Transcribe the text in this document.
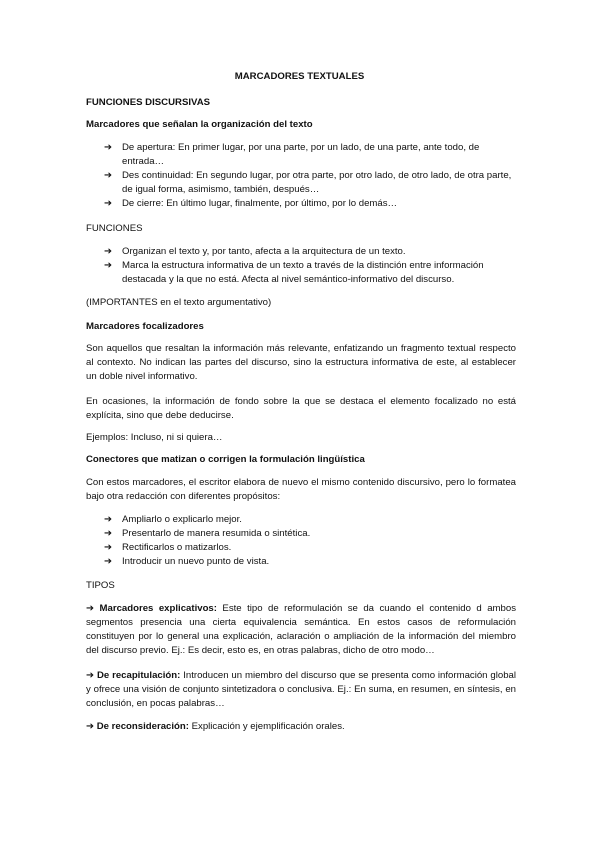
MARCADORES TEXTUALES
FUNCIONES DISCURSIVAS
Marcadores que señalan la organización del texto
➔ De apertura: En primer lugar, por una parte, por un lado, de una parte, ante todo, de entrada…
➔ Des continuidad: En segundo lugar, por otra parte, por otro lado, de otro lado, de otra parte, de igual forma, asimismo, también, después…
➔ De cierre: En último lugar, finalmente, por último, por lo demás…
FUNCIONES
➔ Organizan el texto y, por tanto, afecta a la arquitectura de un texto.
➔ Marca la estructura informativa de un texto a través de la distinción entre información destacada y la que no está. Afecta al nivel semántico-informativo del discurso.
(IMPORTANTES en el texto argumentativo)
Marcadores focalizadores
Son aquellos que resaltan la información más relevante, enfatizando un fragmento textual respecto al contexto. No indican las partes del discurso, sino la estructura informativa de este, al establecer un doble nivel informativo.
En ocasiones, la información de fondo sobre la que se destaca el elemento focalizado no está explícita, sino que debe deducirse.
Ejemplos: Incluso, ni si quiera…
Conectores que matizan o corrigen la formulación lingüística
Con estos marcadores, el escritor elabora de nuevo el mismo contenido discursivo, pero lo formatea bajo otra redacción con diferentes propósitos:
➔ Ampliarlo o explicarlo mejor.
➔ Presentarlo de manera resumida o sintética.
➔ Rectificarlos o matizarlos.
➔ Introducir un nuevo punto de vista.
TIPOS
➔ Marcadores explicativos: Este tipo de reformulación se da cuando el contenido d ambos segmentos presencia una cierta equivalencia semántica. En estos casos de reformulación constituyen por lo general una explicación, aclaración o ampliación de la información del miembro del discurso previo. Ej.: Es decir, esto es, en otras palabras, dicho de otro modo…
➔ De recapitulación: Introducen un miembro del discurso que se presenta como información global y ofrece una visión de conjunto sintetizadora o conclusiva. Ej.: En suma, en resumen, en síntesis, en conclusión, en pocas palabras…
➔ De reconsideración: Explicación y ejemplificación orales.
